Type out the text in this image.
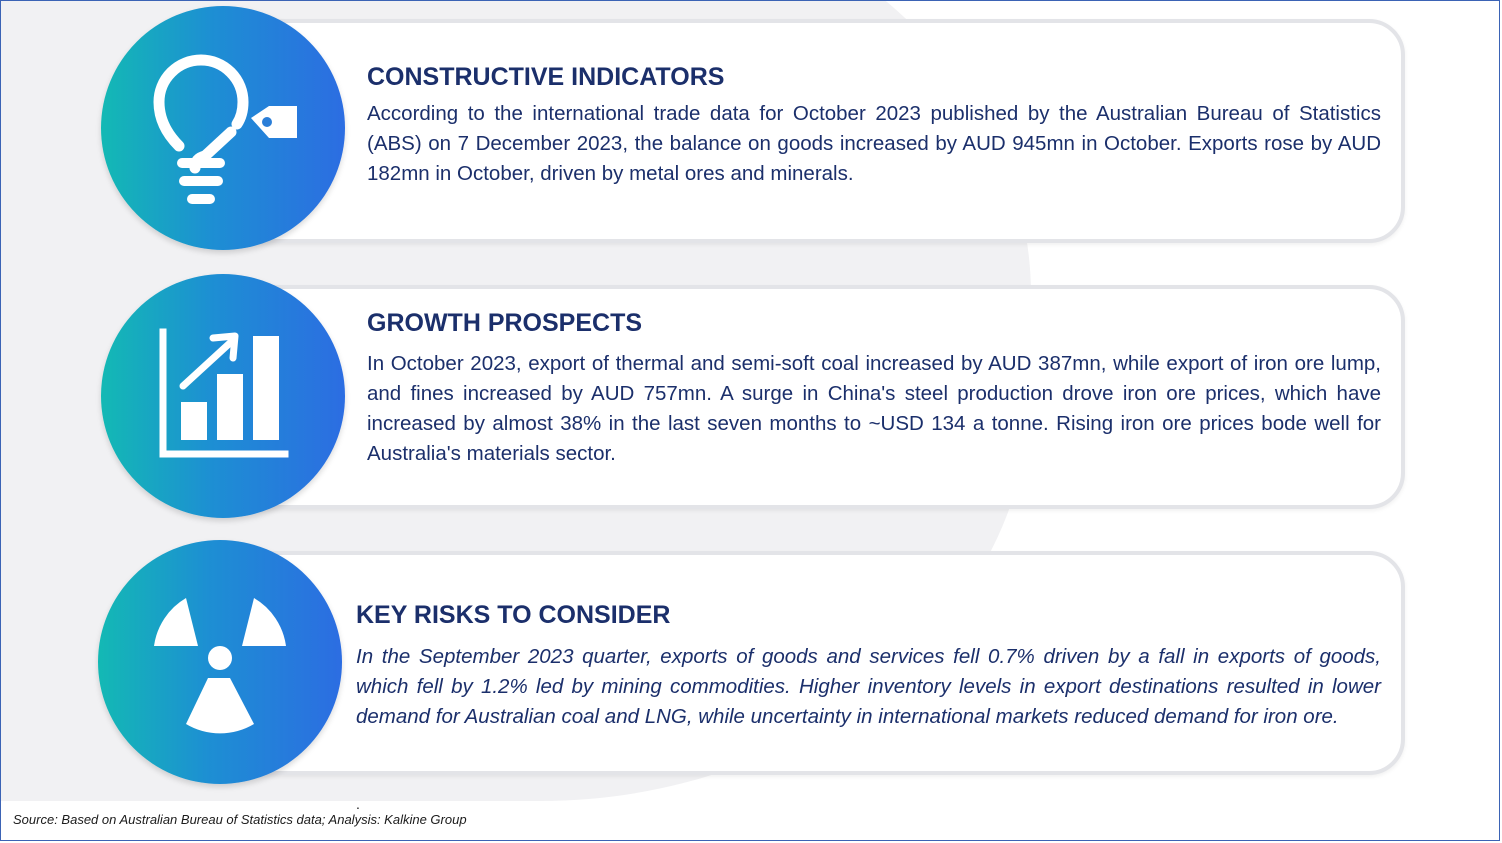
CONSTRUCTIVE INDICATORS

According to the international trade data for October 2023 published by the Australian Bureau of Statistics (ABS) on 7 December 2023, the balance on goods increased by AUD 945mn in October. Exports rose by AUD 182mn in October, driven by metal ores and minerals.

GROWTH PROSPECTS

In October 2023, export of thermal and semi-soft coal increased by AUD 387mn, while export of iron ore lump, and fines increased by AUD 757mn. A surge in China's steel production drove iron ore prices, which have increased by almost 38% in the last seven months to ~USD 134 a tonne. Rising iron ore prices bode well for Australia's materials sector.

KEY RISKS TO CONSIDER

In the September 2023 quarter, exports of goods and services fell 0.7% driven by a fall in exports of goods, which fell by 1.2% led by mining commodities. Higher inventory levels in export destinations resulted in lower demand for Australian coal and LNG, while uncertainty in international markets reduced demand for iron ore.

.
Source: Based on Australian Bureau of Statistics data; Analysis: Kalkine Group
